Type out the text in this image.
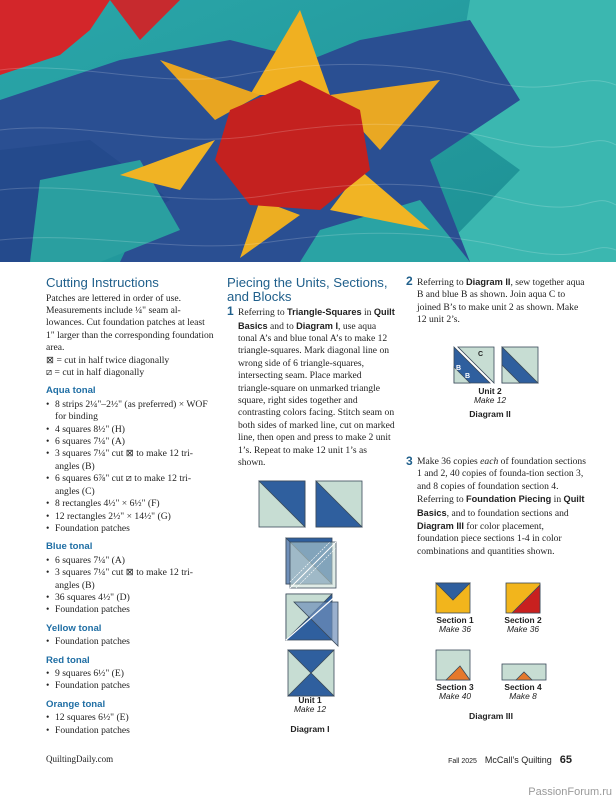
Cutting Instructions

Patches are lettered in order of use. Measurements include ¼" seam al-lowances. Cut foundation patches at least 1" larger than the corresponding foundation area.

⊠ = cut in half twice diagonally

⧄ = cut in half diagonally

Aqua tonal
• 8 strips 2¼"–2½" (as preferred) × WOF for binding
• 4 squares 8½" (H)
• 6 squares 7¼" (A)
• 3 squares 7¼" cut ⊠ to make 12 tri-angles (B)
• 6 squares 6⅞" cut ⧄ to make 12 tri-angles (C)
• 8 rectangles 4½" × 6½" (F)
• 12 rectangles 2½" × 14½" (G)
• Foundation patches
Blue tonal
• 6 squares 7¼" (A)
• 3 squares 7¼" cut ⊠ to make 12 tri-angles (B)
• 36 squares 4½" (D)
• Foundation patches
Yellow tonal
• Foundation patches
Red tonal
• 9 squares 6½" (E)
• Foundation patches
Orange tonal
• 12 squares 6½" (E)
• Foundation patches
Piecing the Units, Sections, and Blocks
1 Referring to Triangle-Squares in Quilt Basics and to Diagram I, use aqua tonal A’s and blue tonal A’s to make 12 triangle-squares. Mark diagonal line on wrong side of 6 triangle-squares, intersecting seam. Place marked triangle-square on unmarked triangle square, right sides together and contrasting colors facing. Stitch seam on both sides of marked line, cut on marked line, then open and press to make 2 unit 1’s. Repeat to make 12 unit 1’s as shown.
Unit 1
Make 12
Diagram I
2 Referring to Diagram II, sew together aqua B and blue B as shown. Join aqua C to joined B’s to make unit 2 as shown. Make 12 unit 2’s.
B
B
C
Unit 2
Make 12
Diagram II
3 Make 36 copies each of foundation sections 1 and 2, 40 copies of founda-tion section 3, and 8 copies of foundation section 4. Referring to Foundation Piecing in Quilt Basics, and to foundation sections and Diagram III for color placement, foundation piece sections 1-4 in color combinations and quantities shown.
Section 1
Make 36
Section 2
Make 36
Section 3
Make 40
Section 4
Make 8
Diagram III
QuiltingDaily.com	Fall 2025 McCall’s Quilting 65
PassionForum.ru
